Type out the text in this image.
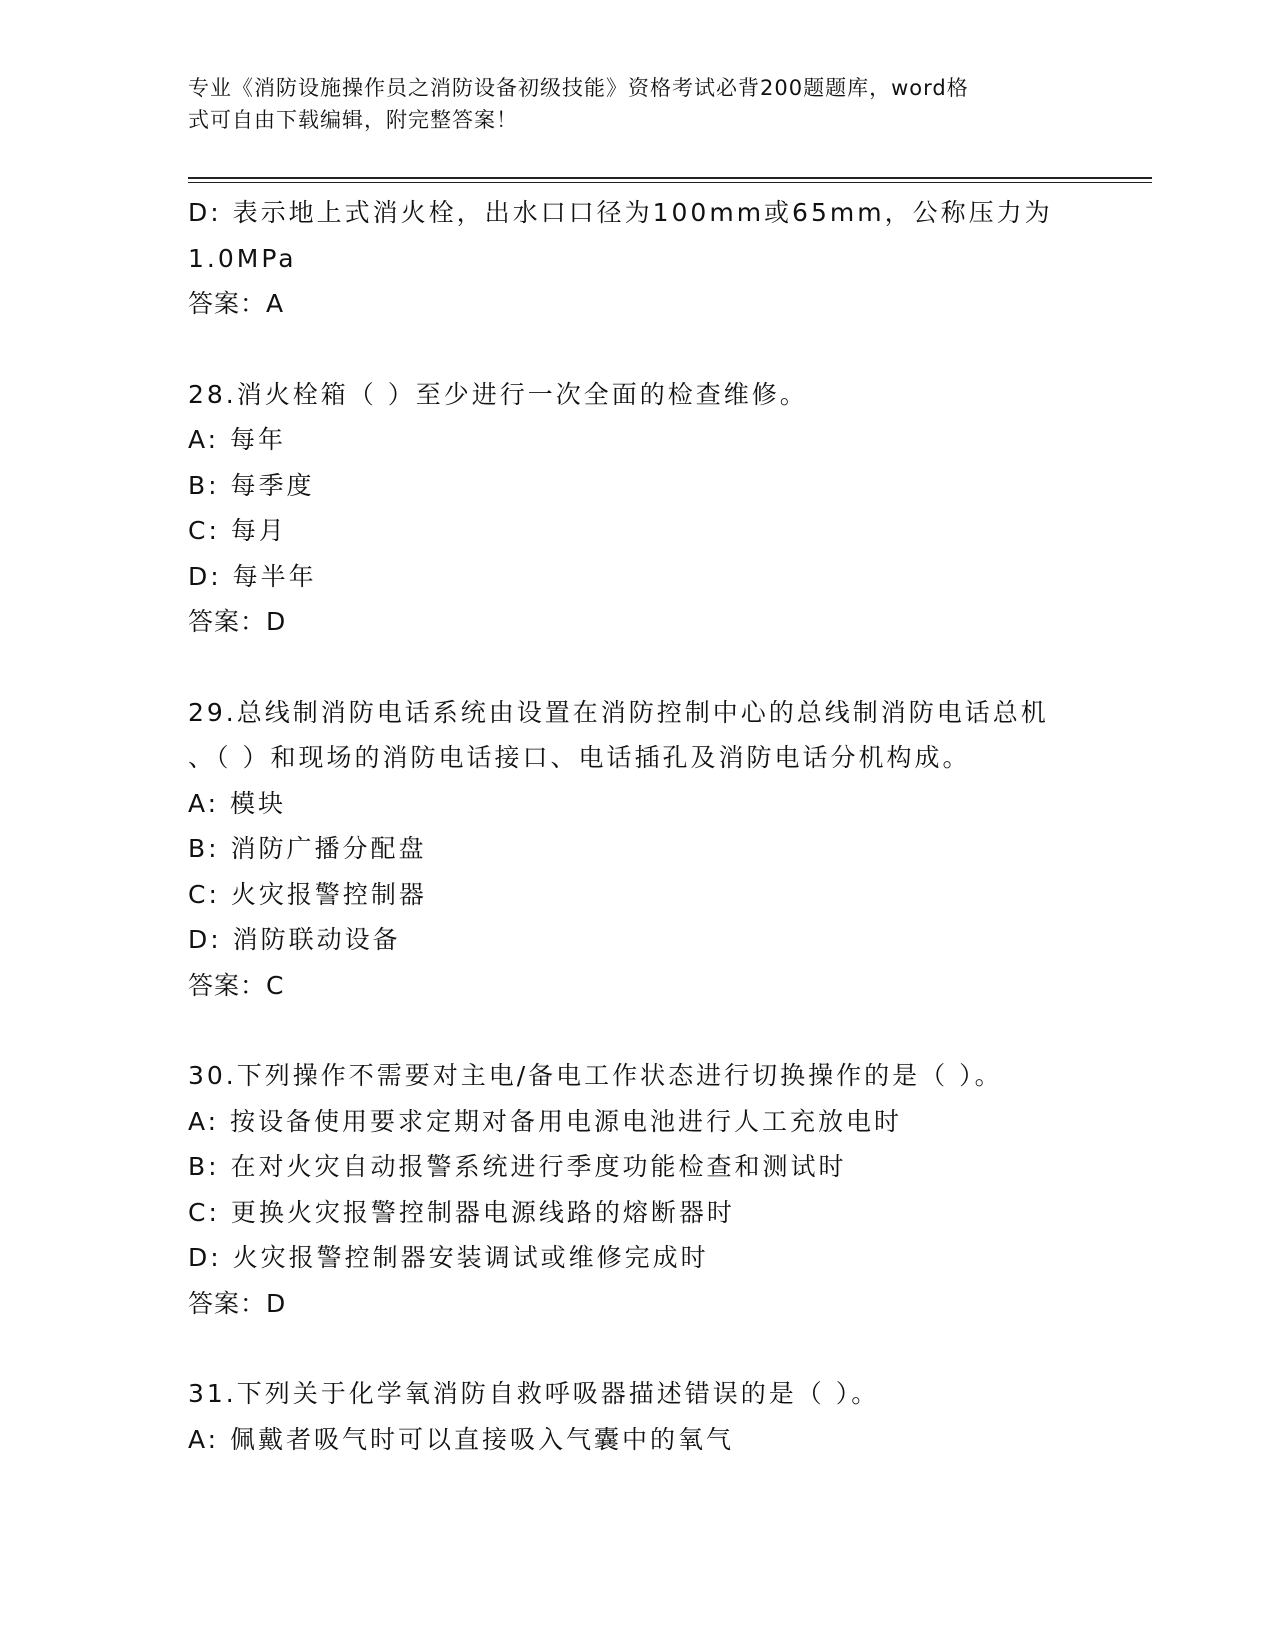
专业《消防设施操作员之消防设备初级技能》资格考试必背200题题库，word格
式可自由下载编辑，附完整答案！
D: 表示地上式消火栓，出水口口径为100mm或65mm，公称压力为
1.0MPa
答案：A
28.消火栓箱（ ）至少进行一次全面的检查维修。
A: 每年
B: 每季度
C: 每月
D: 每半年
答案：D
29.总线制消防电话系统由设置在消防控制中心的总线制消防电话总机
、（ ）和现场的消防电话接口、电话插孔及消防电话分机构成。
A: 模块
B: 消防广播分配盘
C: 火灾报警控制器
D: 消防联动设备
答案：C
30.下列操作不需要对主电/备电工作状态进行切换操作的是（ ）。
A: 按设备使用要求定期对备用电源电池进行人工充放电时
B: 在对火灾自动报警系统进行季度功能检查和测试时
C: 更换火灾报警控制器电源线路的熔断器时
D: 火灾报警控制器安装调试或维修完成时
答案：D
31.下列关于化学氧消防自救呼吸器描述错误的是（ ）。
A: 佩戴者吸气时可以直接吸入气囊中的氧气
